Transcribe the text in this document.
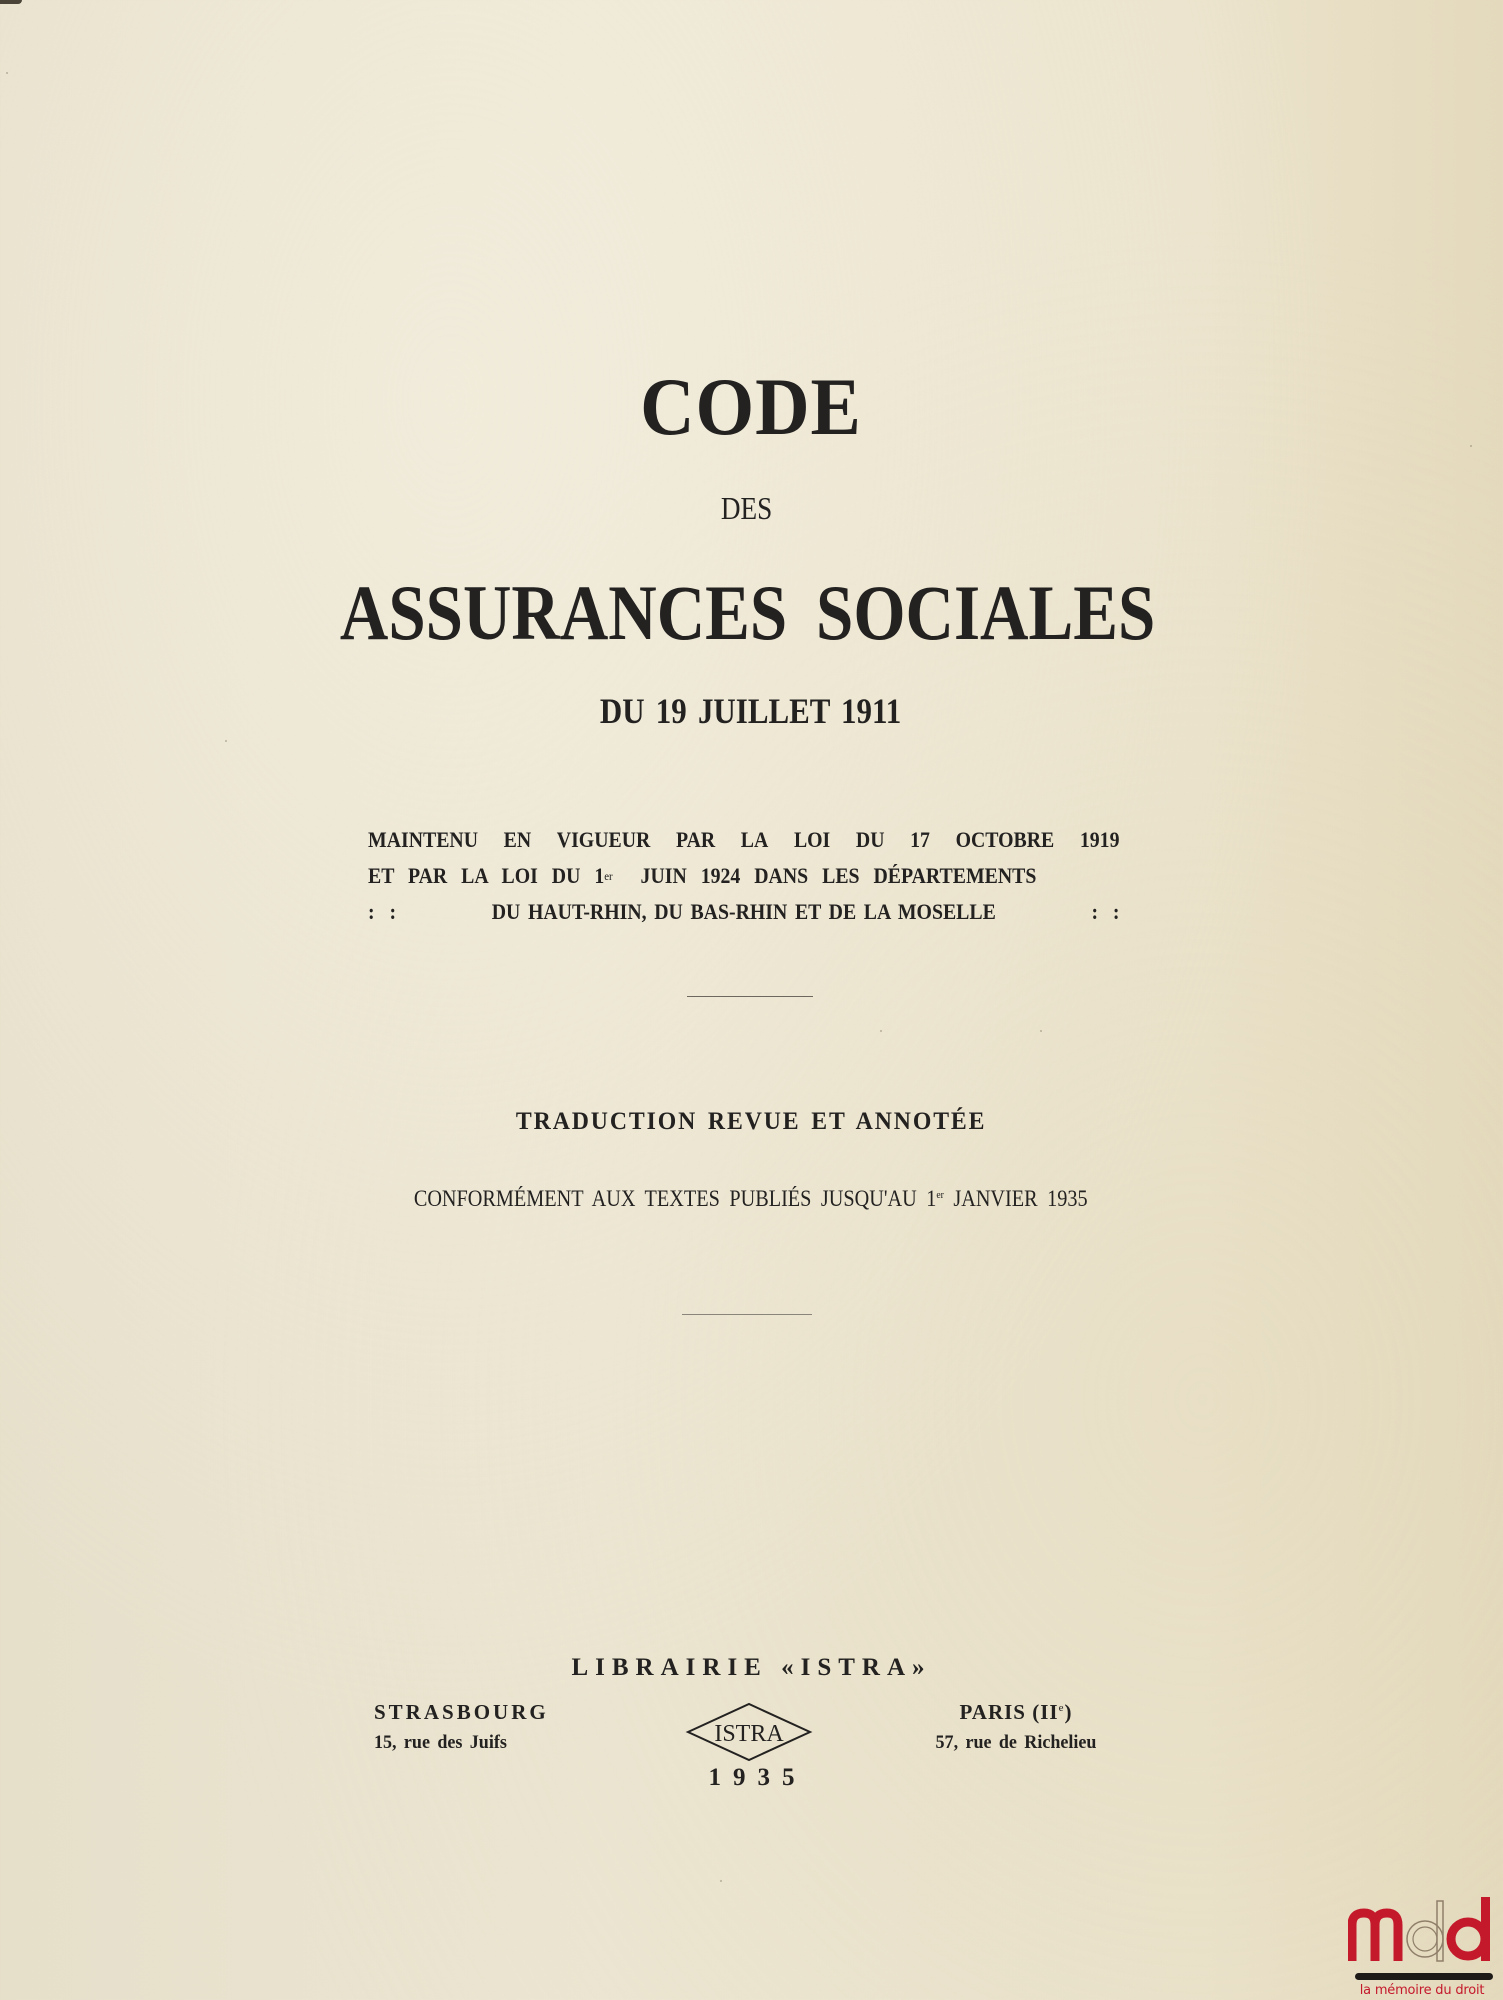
CODE
DES
ASSURANCES SOCIALES
DU 19 JUILLET 1911
MAINTENU EN VIGUEUR PAR LA LOI DU 17 OCTOBRE 1919
ET PAR LA LOI DU 1 er
JUIN 1924 DANS LES DÉPARTEMENTS
:   :	DU HAUT-RHIN, DU BAS-RHIN ET DE LA MOSELLE	:   :
TRADUCTION REVUE ET ANNOTÉE
CONFORMÉMENT AUX TEXTES PUBLIÉS JUSQU'AU 1er JANVIER 1935
LIBRAIRIE «ISTRA»
STRASBOURG
15, rue des Juifs	ISTRA
PARIS (IIe)
57, rue de Richelieu
1935
la mémoire du droit
